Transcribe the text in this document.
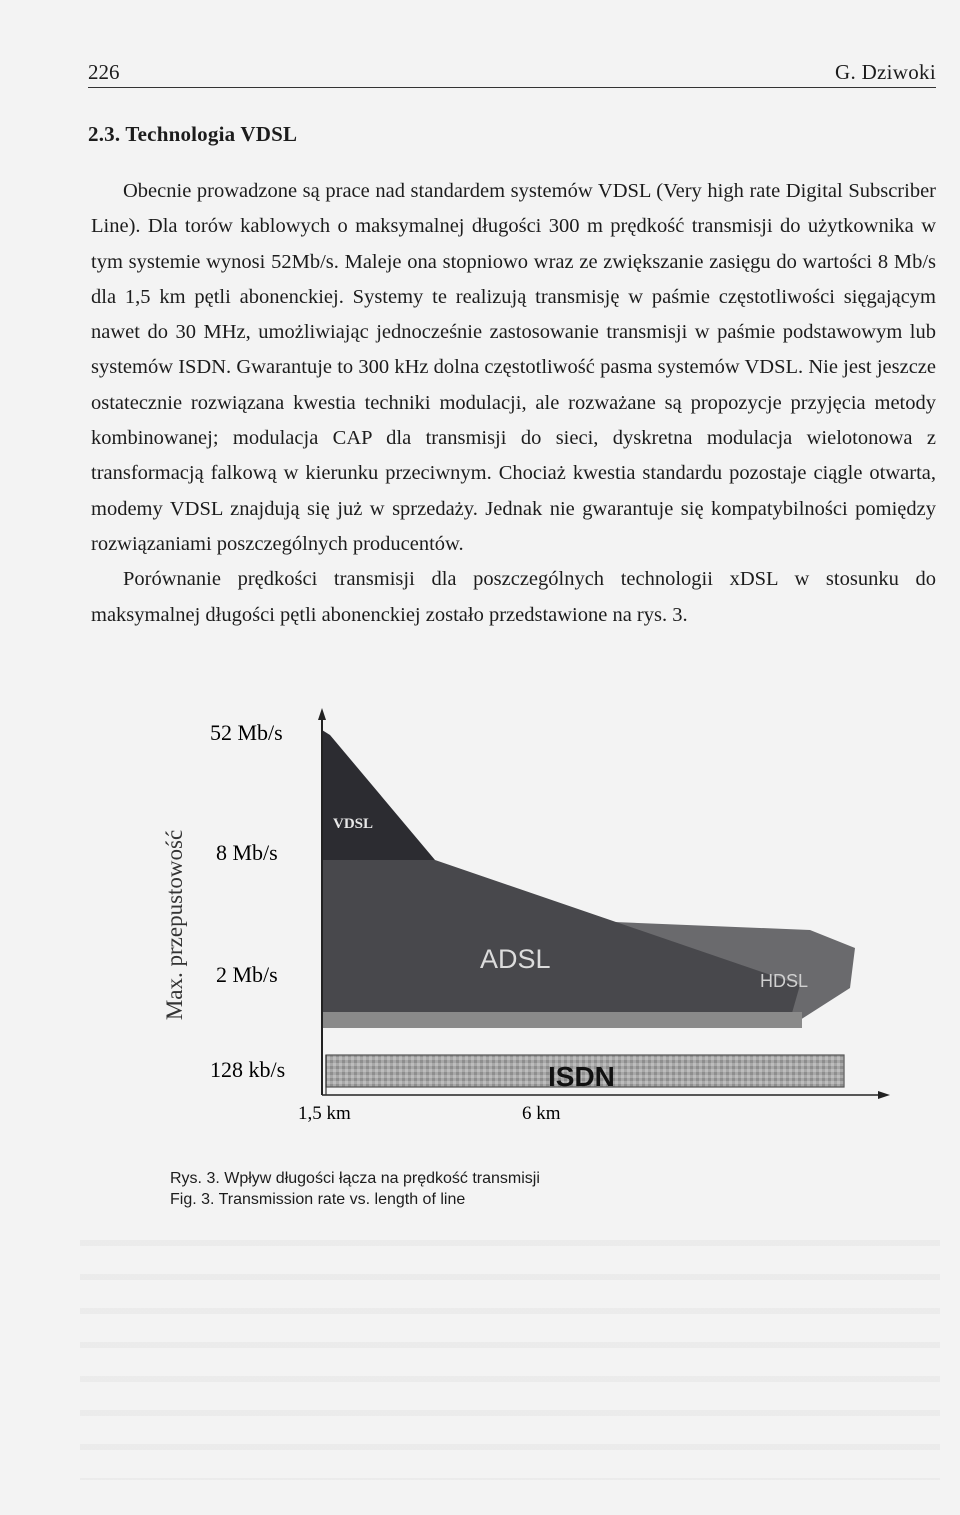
226	G. Dziwoki
2.3. Technologia VDSL

Obecnie prowadzone są prace nad standardem systemów VDSL (Very high rate Digital Subscriber Line). Dla torów kablowych o maksymalnej długości 300 m prędkość transmisji do użytkownika w tym systemie wynosi 52Mb/s. Maleje ona stopniowo wraz ze zwiększanie zasięgu do wartości 8 Mb/s dla 1,5 km pętli abonenckiej. Systemy te realizują transmisję w paśmie częstotliwości sięgającym nawet do 30 MHz, umożliwiając jednocześnie zastosowanie transmisji w paśmie podstawowym lub systemów ISDN. Gwarantuje to 300 kHz dolna częstotliwość pasma systemów VDSL. Nie jest jeszcze ostatecznie rozwiązana kwestia techniki modulacji, ale rozważane są propozycje przyjęcia metody kombinowanej; modulacja CAP dla transmisji do sieci, dyskretna modulacja wielotonowa z transformacją falkową w kierunku przeciwnym. Chociaż kwestia standardu pozostaje ciągle otwarta, modemy VDSL znajdują się już w sprzedaży. Jednak nie gwarantuje się kompatybilności pomiędzy rozwiązaniami poszczególnych producentów.

Porównanie prędkości transmisji dla poszczególnych technologii xDSL w stosunku do maksymalnej długości pętli abonenckiej zostało przedstawione na rys. 3.

52 Mb/s
8 Mb/s
2 Mb/s
128 kb/s
Max. przepustowość
1,5 km	6 km
VDSL
ADSL
HDSL
ISDN
Rys. 3. Wpływ długości łącza na prędkość transmisji
Fig. 3. Transmission rate vs. length of line
